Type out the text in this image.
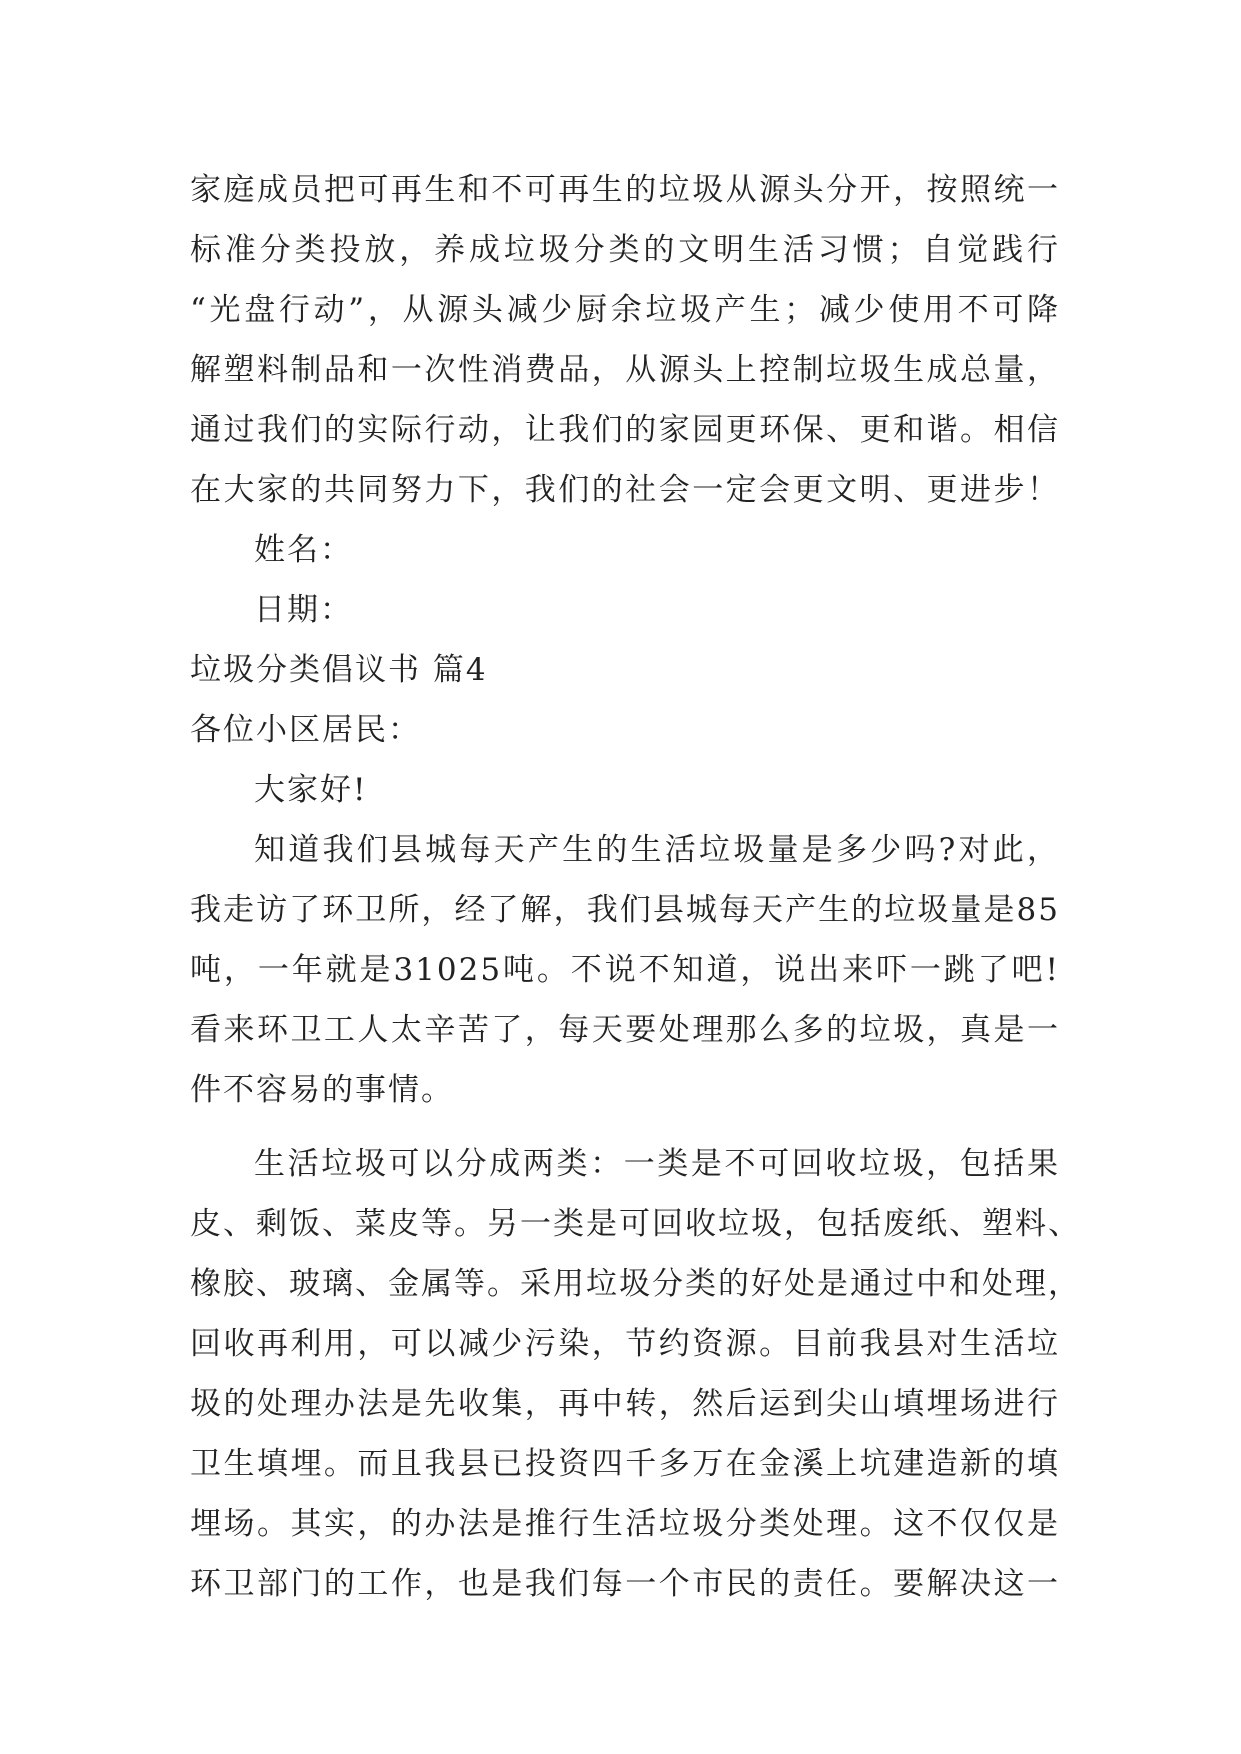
家庭成员把可再生和不可再生的垃圾从源头分开，按照统一
标准分类投放，养成垃圾分类的文明生活习惯；自觉践行
“光盘行动”，从源头减少厨余垃圾产生；减少使用不可降
解塑料制品和一次性消费品，从源头上控制垃圾生成总量，
通过我们的实际行动，让我们的家园更环保、更和谐。相信
在大家的共同努力下，我们的社会一定会更文明、更进步！
姓名：
日期：
垃圾分类倡议书 篇4
各位小区居民：
大家好!
知道我们县城每天产生的生活垃圾量是多少吗?对此，
我走访了环卫所，经了解，我们县城每天产生的垃圾量是85
吨，一年就是31025吨。不说不知道，说出来吓一跳了吧!
看来环卫工人太辛苦了，每天要处理那么多的垃圾，真是一
件不容易的事情。
生活垃圾可以分成两类：一类是不可回收垃圾，包括果
皮、剩饭、菜皮等。另一类是可回收垃圾，包括废纸、塑料、
橡胶、玻璃、金属等。采用垃圾分类的好处是通过中和处理，
回收再利用，可以减少污染，节约资源。目前我县对生活垃
圾的处理办法是先收集，再中转，然后运到尖山填埋场进行
卫生填埋。而且我县已投资四千多万在金溪上坑建造新的填
埋场。其实，的办法是推行生活垃圾分类处理。这不仅仅是
环卫部门的工作，也是我们每一个市民的责任。要解决这一
